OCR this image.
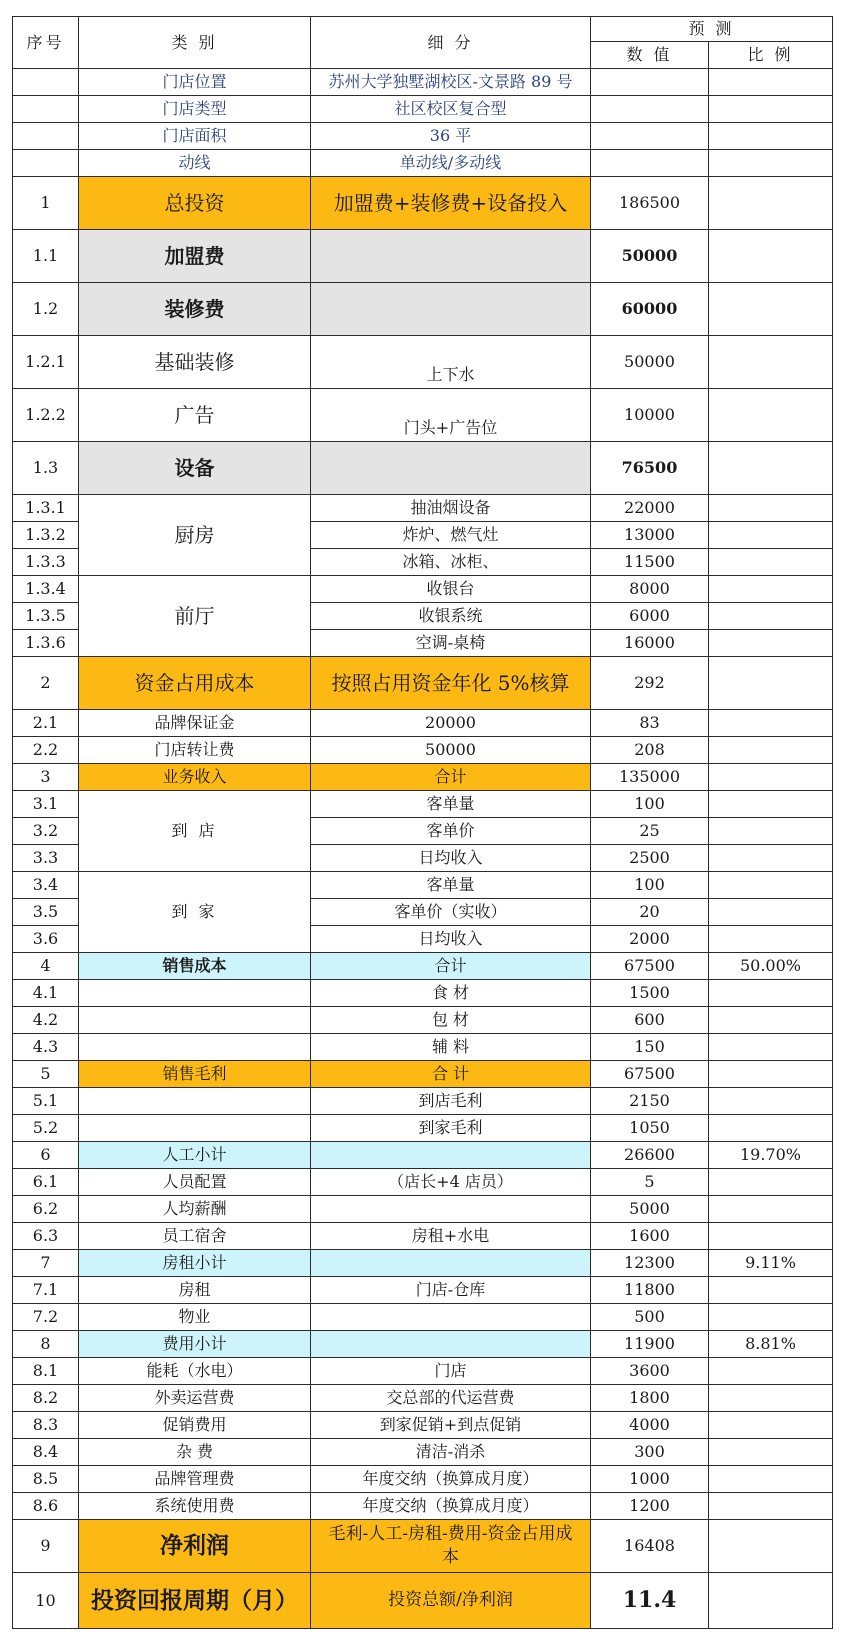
序号	类 别	细 分	预 测	
			数 值	比 例
	门店位置	苏州大学独墅湖校区-文景路 89 号		
	门店类型	社区校区复合型		
	门店面积	36 平		
	动线	单动线/多动线		
1	总投资	加盟费+装修费+设备投入	186500	
1.1	加盟费		50000	
1.2	装修费		60000	
1.2.1	基础装修	上下水	50000	
1.2.2	广告	门头+广告位	10000	
1.3	设备		76500	
1.3.1	厨房	抽油烟设备	22000	
1.3.2		炸炉、燃气灶	13000	
1.3.3		冰箱、冰柜、	11500	
1.3.4	前厅	收银台	8000	
1.3.5		收银系统	6000	
1.3.6		空调-桌椅	16000	
2	资金占用成本	按照占用资金年化 5%核算	292	
2.1	品牌保证金	20000	83	
2.2	门店转让费	50000	208	
3	业务收入	合计	135000	
3.1	到 店	客单量	100	
3.2		客单价	25	
3.3		日均收入	2500	
3.4	到 家	客单量	100	
3.5		客单价（实收）	20	
3.6		日均收入	2000	
4	销售成本	合计	67500	50.00%
4.1		食 材	1500	
4.2		包 材	600	
4.3		辅 料	150	
5	销售毛利	合 计	67500	
5.1		到店毛利	2150	
5.2		到家毛利	1050	
6	人工小计		26600	19.70%
6.1	人员配置	（店长+4 店员）	5	
6.2	人均薪酬		5000	
6.3	员工宿舍	房租+水电	1600	
7	房租小计		12300	9.11%
7.1	房租	门店-仓库	11800	
7.2	物业		500	
8	费用小计		11900	8.81%
8.1	能耗（水电）	门店	3600	
8.2	外卖运营费	交总部的代运营费	1800	
8.3	促销费用	到家促销+到点促销	4000	
8.4	杂 费	清洁-消杀	300	
8.5	品牌管理费	年度交纳（换算成月度）	1000	
8.6	系统使用费	年度交纳（换算成月度）	1200	
9	净利润	毛利-人工-房租-费用-资金占用成本	16408	
10	投资回报周期（月）	投资总额/净利润	11.4	
